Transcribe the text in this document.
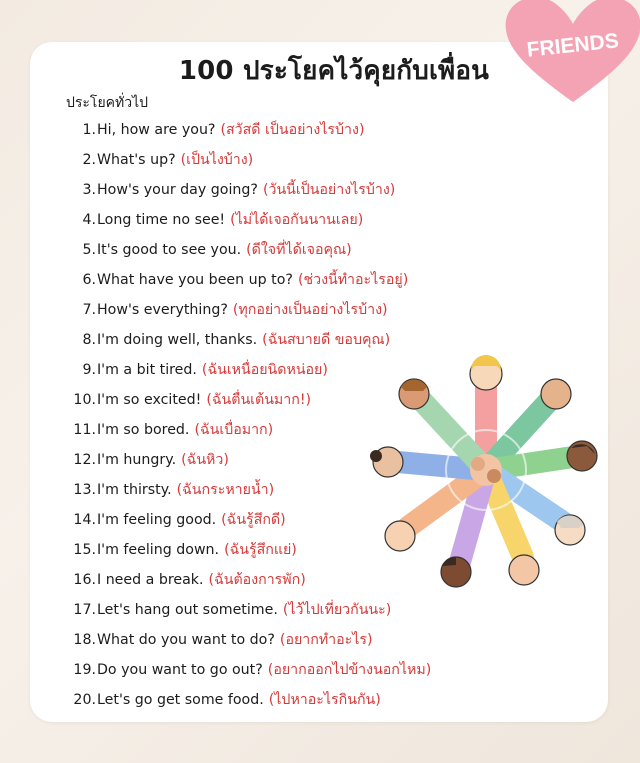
FRIENDS
100 ประโยคไว้คุยกับเพื่อน
ประโยคทั่วไป
1.Hi, how are you? (สวัสดี เป็นอย่างไรบ้าง)
2.What's up? (เป็นไงบ้าง)
3.How's your day going? (วันนี้เป็นอย่างไรบ้าง)
4.Long time no see! (ไม่ได้เจอกันนานเลย)
5.It's good to see you. (ดีใจที่ได้เจอคุณ)
6.What have you been up to? (ช่วงนี้ทำอะไรอยู่)
7.How's everything? (ทุกอย่างเป็นอย่างไรบ้าง)
8.I'm doing well, thanks. (ฉันสบายดี ขอบคุณ)
9.I'm a bit tired. (ฉันเหนื่อยนิดหน่อย)
10.I'm so excited! (ฉันตื่นเต้นมาก!)
11.I'm so bored. (ฉันเบื่อมาก)
12.I'm hungry. (ฉันหิว)
13.I'm thirsty. (ฉันกระหายน้ำ)
14.I'm feeling good. (ฉันรู้สึกดี)
15.I'm feeling down. (ฉันรู้สึกแย่)
16.I need a break. (ฉันต้องการพัก)
17.Let's hang out sometime. (ไว้ไปเที่ยวกันนะ)
18.What do you want to do? (อยากทำอะไร)
19.Do you want to go out? (อยากออกไปข้างนอกไหม)
20.Let's go get some food. (ไปหาอะไรกินกัน)
